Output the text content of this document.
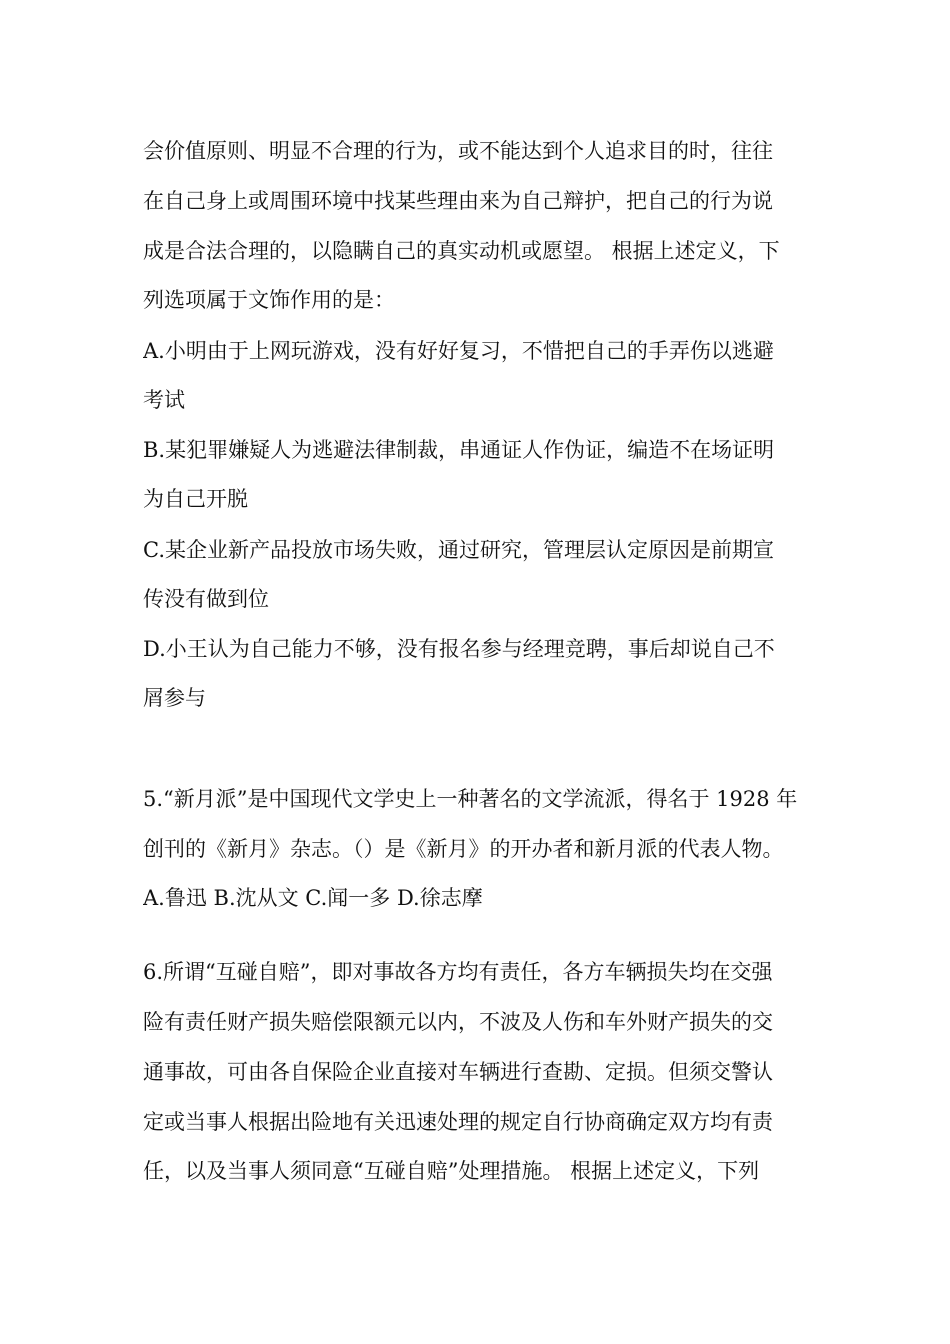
会价值原则、明显不合理的行为，或不能达到个人追求目的时，往往
在自己身上或周围环境中找某些理由来为自己辩护，把自己的行为说
成是合法合理的，以隐瞒自己的真实动机或愿望。 根据上述定义，下
列选项属于文饰作用的是：
A.小明由于上网玩游戏，没有好好复习，不惜把自己的手弄伤以逃避
考试
B.某犯罪嫌疑人为逃避法律制裁，串通证人作伪证，编造不在场证明
为自己开脱
C.某企业新产品投放市场失败，通过研究，管理层认定原因是前期宣
传没有做到位
D.小王认为自己能力不够，没有报名参与经理竞聘，事后却说自己不
屑参与
5.“新月派”是中国现代文学史上一种著名的文学流派，得名于 1928 年
创刊的《新月》杂志。（）是《新月》的开办者和新月派的代表人物。
A.鲁迅 B.沈从文 C.闻一多 D.徐志摩
6.所谓“互碰自赔”，即对事故各方均有责任，各方车辆损失均在交强
险有责任财产损失赔偿限额元以内，不波及人伤和车外财产损失的交
通事故，可由各自保险企业直接对车辆进行查勘、定损。但须交警认
定或当事人根据出险地有关迅速处理的规定自行协商确定双方均有责
任，以及当事人须同意“互碰自赔”处理措施。 根据上述定义，下列
